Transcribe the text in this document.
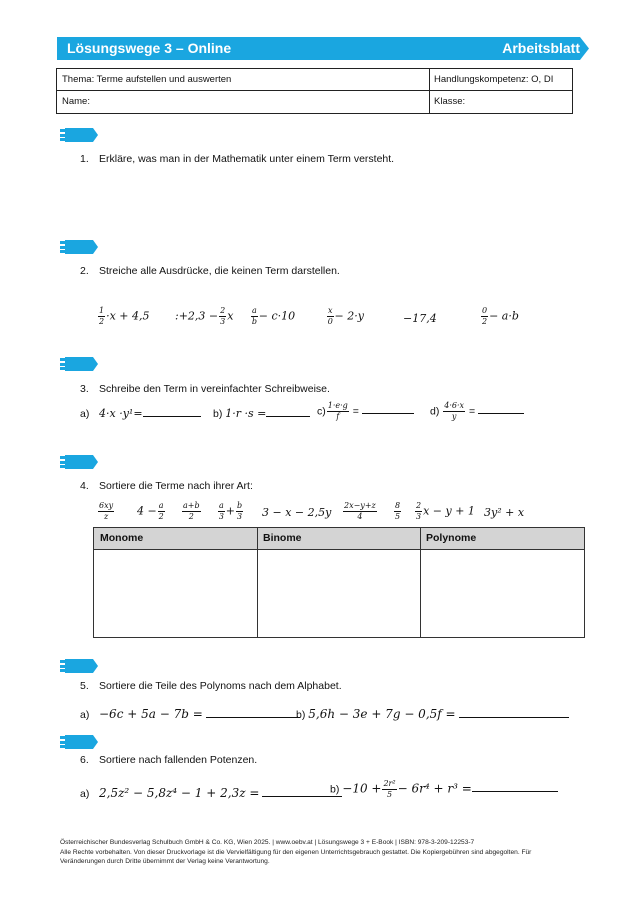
Lösungswege 3 – Online	Arbeitsblatt
Thema: Terme aufstellen und auswerten	Handlungskompetenz: O, DI
Name:	Klasse:
1. Erkläre, was man in der Mathematik unter einem Term versteht.
2. Streiche alle Ausdrücke, die keinen Term darstellen.
$\frac{1}{2}$ ·𝑥 + 4,5 :+2,3 − $\frac{2}{3}$ 𝑥 $\frac{\text{𝑎}}{\text{𝑏}}$ − 𝑐·10	$\frac{\text{𝑥}}{0}$ − 2·𝑦	−17,4	$\frac{0}{2}$ − 𝑎·𝑏
3. Schreibe den Term in vereinfachter Schreibweise.
a) 4·𝑥 ·𝑦¹=	b) 1·𝑟 ·𝑠 =	$c) \frac{\text{1·𝑒·𝑔}}{\text{𝑓}}$ =	$d) \frac{\text{4·6·𝑥}}{\text{𝑦}}$ =
4. Sortiere die Terme nach ihrer Art:
$\frac{\text{6𝑥𝑦}}{\text{𝑧}} 4 - \frac{\text{𝑎}}{2} \frac{\text{𝑎+𝑏}}{2} \frac{\text{𝑎}}{3} + \frac{\text{𝑏}}{3} 3$ − 𝑥 − 2,5𝑦 $\frac{\text{2𝑥−𝑦+𝑧}}{4} \frac{8}{5} \frac{2}{3}$ 𝑥 − 𝑦 + 1 3𝑦² + 𝑥
Monome	Binome	Polynome
5. Sortiere die Teile des Polynoms nach dem Alphabet.
a) −6𝑐 + 5𝑎 − 7𝑏 =	b) 5,6ℎ − 3𝑒 + 7𝑔 − 0,5𝑓 =
6. Sortiere nach fallenden Potenzen.
a) 2,5𝑧² − 5,8𝑧⁴ − 1 + 2,3𝑧 =	$b) -10 + \frac{\text{2𝑟²}}{5}$ − 6𝑟⁴ + 𝑟³ =
Österreichischer Bundesverlag Schulbuch GmbH & Co. KG, Wien 2025. | www.oebv.at | Lösungswege 3 + E-Book | ISBN: 978-3-209-12253-7
Alle Rechte vorbehalten. Von dieser Druckvorlage ist die Vervielfältigung für den eigenen Unterrichtsgebrauch gestattet. Die Kopiergebühren sind abgegolten. Für Veränderungen durch Dritte übernimmt der Verlag keine Verantwortung.
